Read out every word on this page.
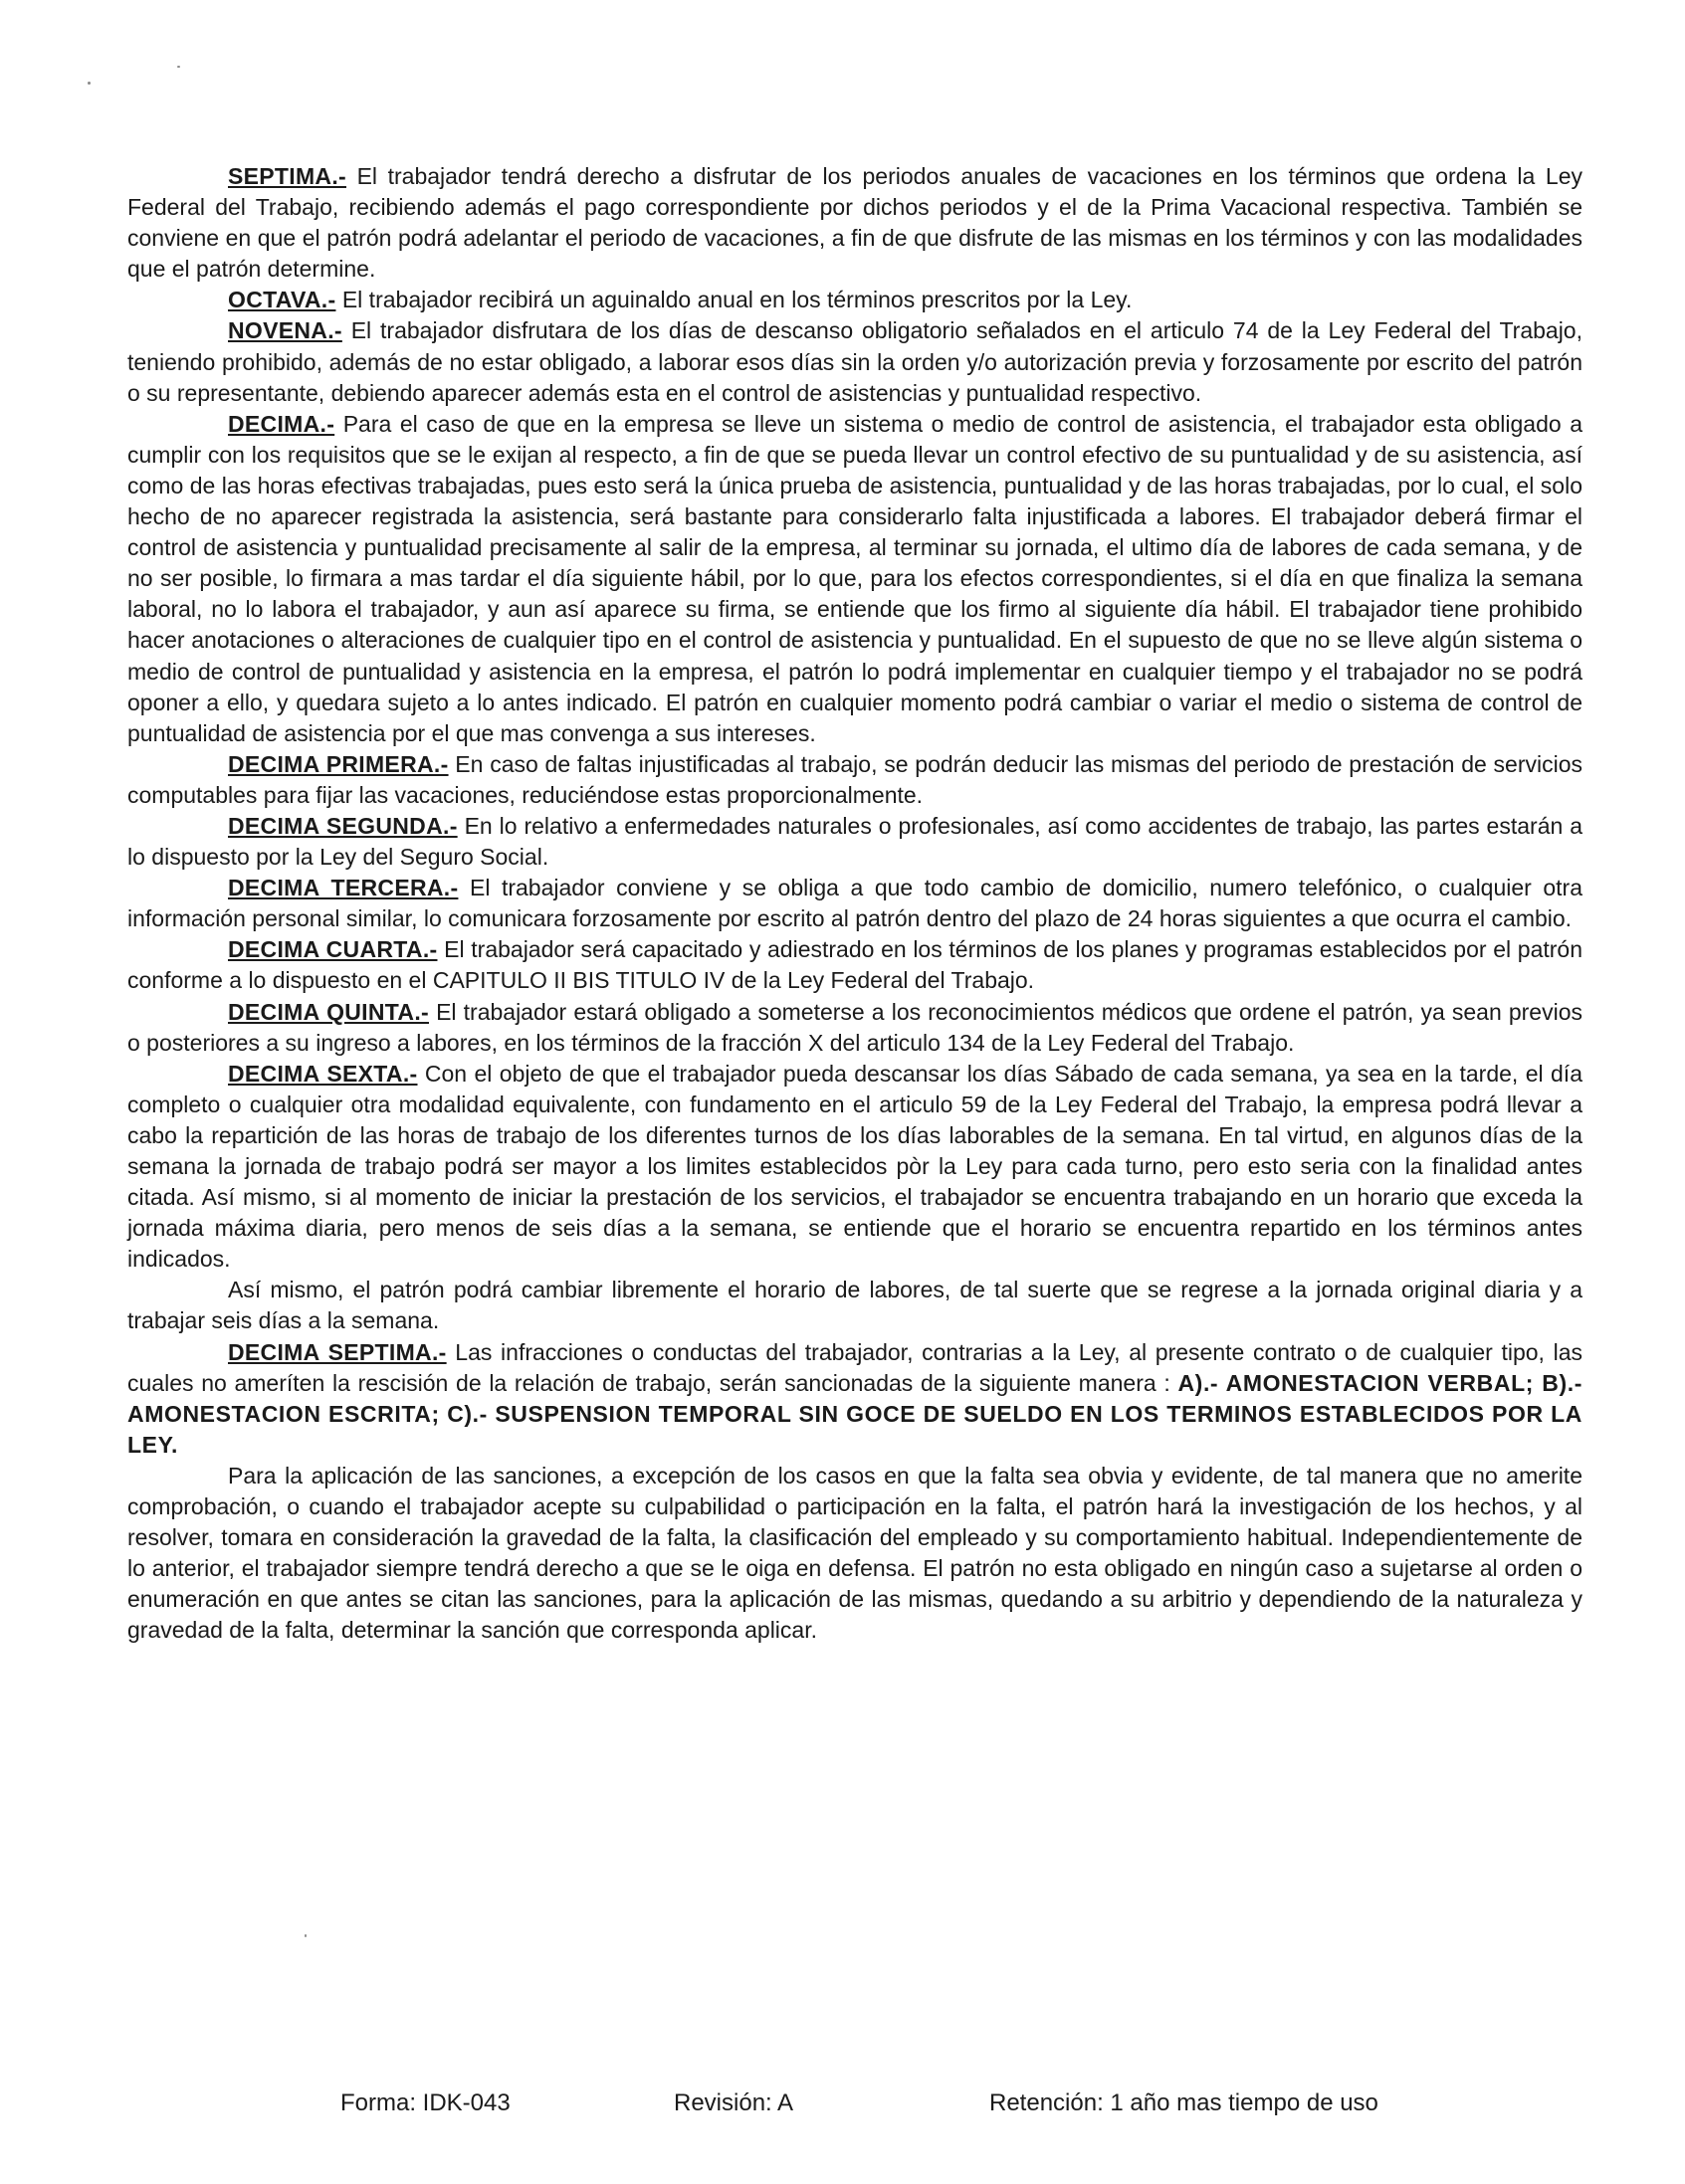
SEPTIMA.- El trabajador tendrá derecho a disfrutar de los periodos anuales de vacaciones en los términos que ordena la Ley Federal del Trabajo, recibiendo además el pago correspondiente por dichos periodos y el de la Prima Vacacional respectiva. También se conviene en que el patrón podrá adelantar el periodo de vacaciones, a fin de que disfrute de las mismas en los términos y con las modalidades que el patrón determine.

OCTAVA.- El trabajador recibirá un aguinaldo anual en los términos prescritos por la Ley.

NOVENA.- El trabajador disfrutara de los días de descanso obligatorio señalados en el articulo 74 de la Ley Federal del Trabajo, teniendo prohibido, además de no estar obligado, a laborar esos días sin la orden y/o autorización previa y forzosamente por escrito del patrón o su representante, debiendo aparecer además esta en el control de asistencias y puntualidad respectivo.

DECIMA.- Para el caso de que en la empresa se lleve un sistema o medio de control de asistencia, el trabajador esta obligado a cumplir con los requisitos que se le exijan al respecto, a fin de que se pueda llevar un control efectivo de su puntualidad y de su asistencia, así como de las horas efectivas trabajadas, pues esto será la única prueba de asistencia, puntualidad y de las horas trabajadas, por lo cual, el solo hecho de no aparecer registrada la asistencia, será bastante para considerarlo falta injustificada a labores. El trabajador deberá firmar el control de asistencia y puntualidad precisamente al salir de la empresa, al terminar su jornada, el ultimo día de labores de cada semana, y de no ser posible, lo firmara a mas tardar el día siguiente hábil, por lo que, para los efectos correspondientes, si el día en que finaliza la semana laboral, no lo labora el trabajador, y aun así aparece su firma, se entiende que los firmo al siguiente día hábil. El trabajador tiene prohibido hacer anotaciones o alteraciones de cualquier tipo en el control de asistencia y puntualidad. En el supuesto de que no se lleve algún sistema o medio de control de puntualidad y asistencia en la empresa, el patrón lo podrá implementar en cualquier tiempo y el trabajador no se podrá oponer a ello, y quedara sujeto a lo antes indicado. El patrón en cualquier momento podrá cambiar o variar el medio o sistema de control de puntualidad de asistencia por el que mas convenga a sus intereses.

DECIMA PRIMERA.- En caso de faltas injustificadas al trabajo, se podrán deducir las mismas del periodo de prestación de servicios computables para fijar las vacaciones, reduciéndose estas proporcionalmente.

DECIMA SEGUNDA.- En lo relativo a enfermedades naturales o profesionales, así como accidentes de trabajo, las partes estarán a lo dispuesto por la Ley del Seguro Social.

DECIMA TERCERA.- El trabajador conviene y se obliga a que todo cambio de domicilio, numero telefónico, o cualquier otra información personal similar, lo comunicara forzosamente por escrito al patrón dentro del plazo de 24 horas siguientes a que ocurra el cambio.

DECIMA CUARTA.- El trabajador será capacitado y adiestrado en los términos de los planes y programas establecidos por el patrón conforme a lo dispuesto en el CAPITULO II BIS TITULO IV de la Ley Federal del Trabajo.

DECIMA QUINTA.- El trabajador estará obligado a someterse a los reconocimientos médicos que ordene el patrón, ya sean previos o posteriores a su ingreso a labores, en los términos de la fracción X del articulo 134 de la Ley Federal del Trabajo.

DECIMA SEXTA.- Con el objeto de que el trabajador pueda descansar los días Sábado de cada semana, ya sea en la tarde, el día completo o cualquier otra modalidad equivalente, con fundamento en el articulo 59 de la Ley Federal del Trabajo, la empresa podrá llevar a cabo la repartición de las horas de trabajo de los diferentes turnos de los días laborables de la semana. En tal virtud, en algunos días de la semana la jornada de trabajo podrá ser mayor a los limites establecidos pòr la Ley para cada turno, pero esto seria con la finalidad antes citada. Así mismo, si al momento de iniciar la prestación de los servicios, el trabajador se encuentra trabajando en un horario que exceda la jornada máxima diaria, pero menos de seis días a la semana, se entiende que el horario se encuentra repartido en los términos antes indicados.

Así mismo, el patrón podrá cambiar libremente el horario de labores, de tal suerte que se regrese a la jornada original diaria y a trabajar seis días a la semana.

DECIMA SEPTIMA.- Las infracciones o conductas del trabajador, contrarias a la Ley, al presente contrato o de cualquier tipo, las cuales no ameríten la rescisión de la relación de trabajo, serán sancionadas de la siguiente manera : A).- AMONESTACION VERBAL; B).- AMONESTACION ESCRITA; C).- SUSPENSION TEMPORAL SIN GOCE DE SUELDO EN LOS TERMINOS ESTABLECIDOS POR LA LEY.

Para la aplicación de las sanciones, a excepción de los casos en que la falta sea obvia y evidente, de tal manera que no amerite comprobación, o cuando el trabajador acepte su culpabilidad o participación en la falta, el patrón hará la investigación de los hechos, y al resolver, tomara en consideración la gravedad de la falta, la clasificación del empleado y su comportamiento habitual. Independientemente de lo anterior, el trabajador siempre tendrá derecho a que se le oiga en defensa. El patrón no esta obligado en ningún caso a sujetarse al orden o enumeración en que antes se citan las sanciones, para la aplicación de las mismas, quedando a su arbitrio y dependiendo de la naturaleza y gravedad de la falta, determinar la sanción que corresponda aplicar.

Forma: IDK-043	Revisión: A	Retención: 1 año mas tiempo de uso
